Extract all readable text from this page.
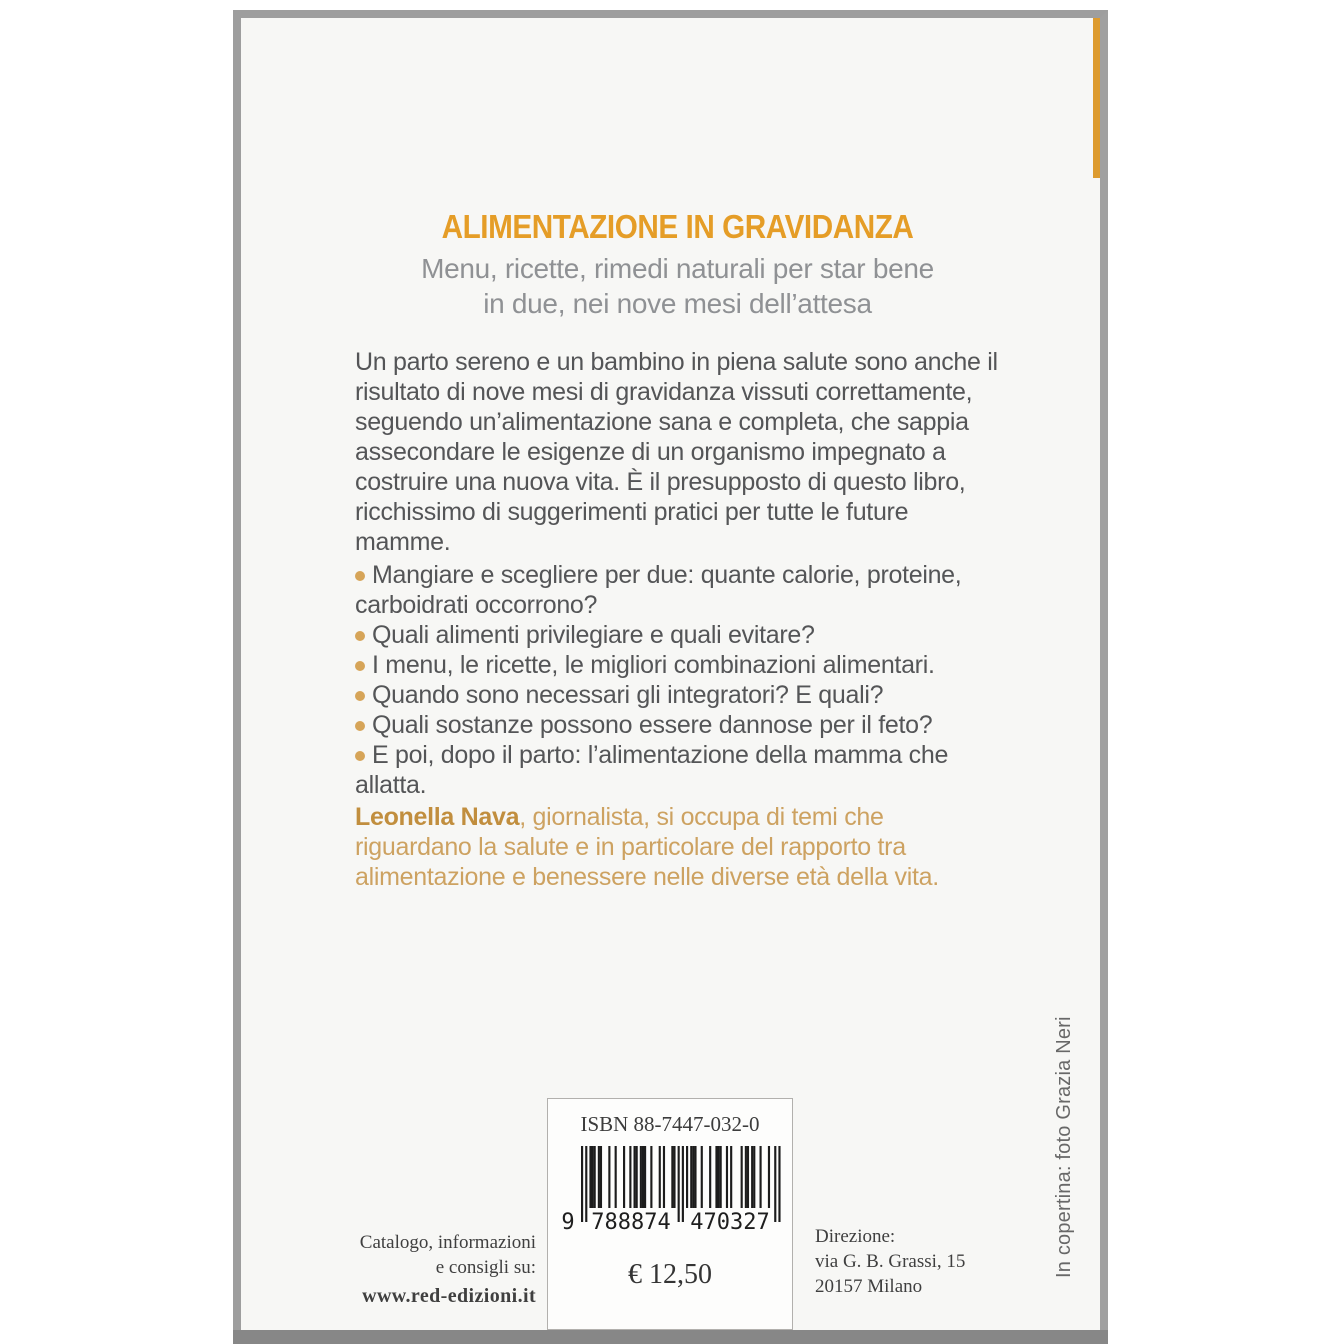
ALIMENTAZIONE IN GRAVIDANZA
Menu, ricette, rimedi naturali per star bene
in due, nei nove mesi dell’attesa
Un parto sereno e un bambino in piena salute sono anche il risultato di nove mesi di gravidanza vissuti correttamente, seguendo un’alimentazione sana e completa, che sappia assecondare le esigenze di un organismo impegnato a costruire una nuova vita. È il presupposto di questo libro, ricchissimo di suggerimenti pratici per tutte le future mamme.

Mangiare e scegliere per due: quante calorie, proteine, carboidrati occorrono?

Quali alimenti privilegiare e quali evitare?

I menu, le ricette, le migliori combinazioni alimentari.

Quando sono necessari gli integratori? E quali?

Quali sostanze possono essere dannose per il feto?

E poi, dopo il parto: l’alimentazione della mamma che allatta.

Leonella Nava, giornalista, si occupa di temi che riguardano la salute e in particolare del rapporto tra alimentazione e benessere nelle diverse età della vita.
ISBN 88-7447-032-0
9 788874 470327
€ 12,50
Catalogo, informazioni
e consigli su:
www.red-edizioni.it
Direzione:
via G. B. Grassi, 15
20157 Milano
In copertina: foto Grazia Neri
